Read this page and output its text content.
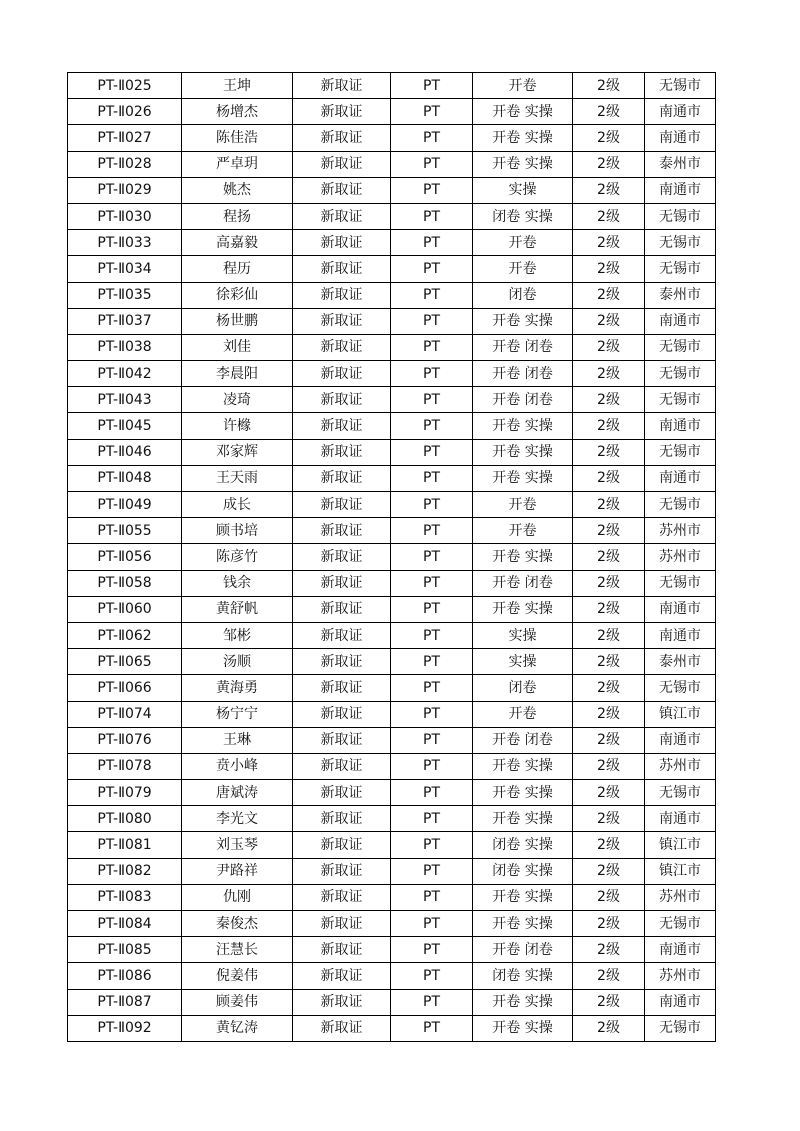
PT-Ⅱ025	王坤	新取证	PT	开卷	2级	无锡市
PT-Ⅱ026	杨增杰	新取证	PT	开卷 实操	2级	南通市
PT-Ⅱ027	陈佳浩	新取证	PT	开卷 实操	2级	南通市
PT-Ⅱ028	严卓玥	新取证	PT	开卷 实操	2级	泰州市
PT-Ⅱ029	姚杰	新取证	PT	实操	2级	南通市
PT-Ⅱ030	程扬	新取证	PT	闭卷 实操	2级	无锡市
PT-Ⅱ033	高嘉毅	新取证	PT	开卷	2级	无锡市
PT-Ⅱ034	程历	新取证	PT	开卷	2级	无锡市
PT-Ⅱ035	徐彩仙	新取证	PT	闭卷	2级	泰州市
PT-Ⅱ037	杨世鹏	新取证	PT	开卷 实操	2级	南通市
PT-Ⅱ038	刘佳	新取证	PT	开卷 闭卷	2级	无锡市
PT-Ⅱ042	李晨阳	新取证	PT	开卷 闭卷	2级	无锡市
PT-Ⅱ043	凌琦	新取证	PT	开卷 闭卷	2级	无锡市
PT-Ⅱ045	许橼	新取证	PT	开卷 实操	2级	南通市
PT-Ⅱ046	邓家辉	新取证	PT	开卷 实操	2级	无锡市
PT-Ⅱ048	王天雨	新取证	PT	开卷 实操	2级	南通市
PT-Ⅱ049	成长	新取证	PT	开卷	2级	无锡市
PT-Ⅱ055	顾书培	新取证	PT	开卷	2级	苏州市
PT-Ⅱ056	陈彦竹	新取证	PT	开卷 实操	2级	苏州市
PT-Ⅱ058	钱余	新取证	PT	开卷 闭卷	2级	无锡市
PT-Ⅱ060	黄舒帆	新取证	PT	开卷 实操	2级	南通市
PT-Ⅱ062	邹彬	新取证	PT	实操	2级	南通市
PT-Ⅱ065	汤顺	新取证	PT	实操	2级	泰州市
PT-Ⅱ066	黄海勇	新取证	PT	闭卷	2级	无锡市
PT-Ⅱ074	杨宁宁	新取证	PT	开卷	2级	镇江市
PT-Ⅱ076	王琳	新取证	PT	开卷 闭卷	2级	南通市
PT-Ⅱ078	贲小峰	新取证	PT	开卷 实操	2级	苏州市
PT-Ⅱ079	唐斌涛	新取证	PT	开卷 实操	2级	无锡市
PT-Ⅱ080	李光文	新取证	PT	开卷 实操	2级	南通市
PT-Ⅱ081	刘玉琴	新取证	PT	闭卷 实操	2级	镇江市
PT-Ⅱ082	尹路祥	新取证	PT	闭卷 实操	2级	镇江市
PT-Ⅱ083	仇刚	新取证	PT	开卷 实操	2级	苏州市
PT-Ⅱ084	秦俊杰	新取证	PT	开卷 实操	2级	无锡市
PT-Ⅱ085	汪慧长	新取证	PT	开卷 闭卷	2级	南通市
PT-Ⅱ086	倪姜伟	新取证	PT	闭卷 实操	2级	苏州市
PT-Ⅱ087	顾姜伟	新取证	PT	开卷 实操	2级	南通市
PT-Ⅱ092	黄钇涛	新取证	PT	开卷 实操	2级	无锡市
